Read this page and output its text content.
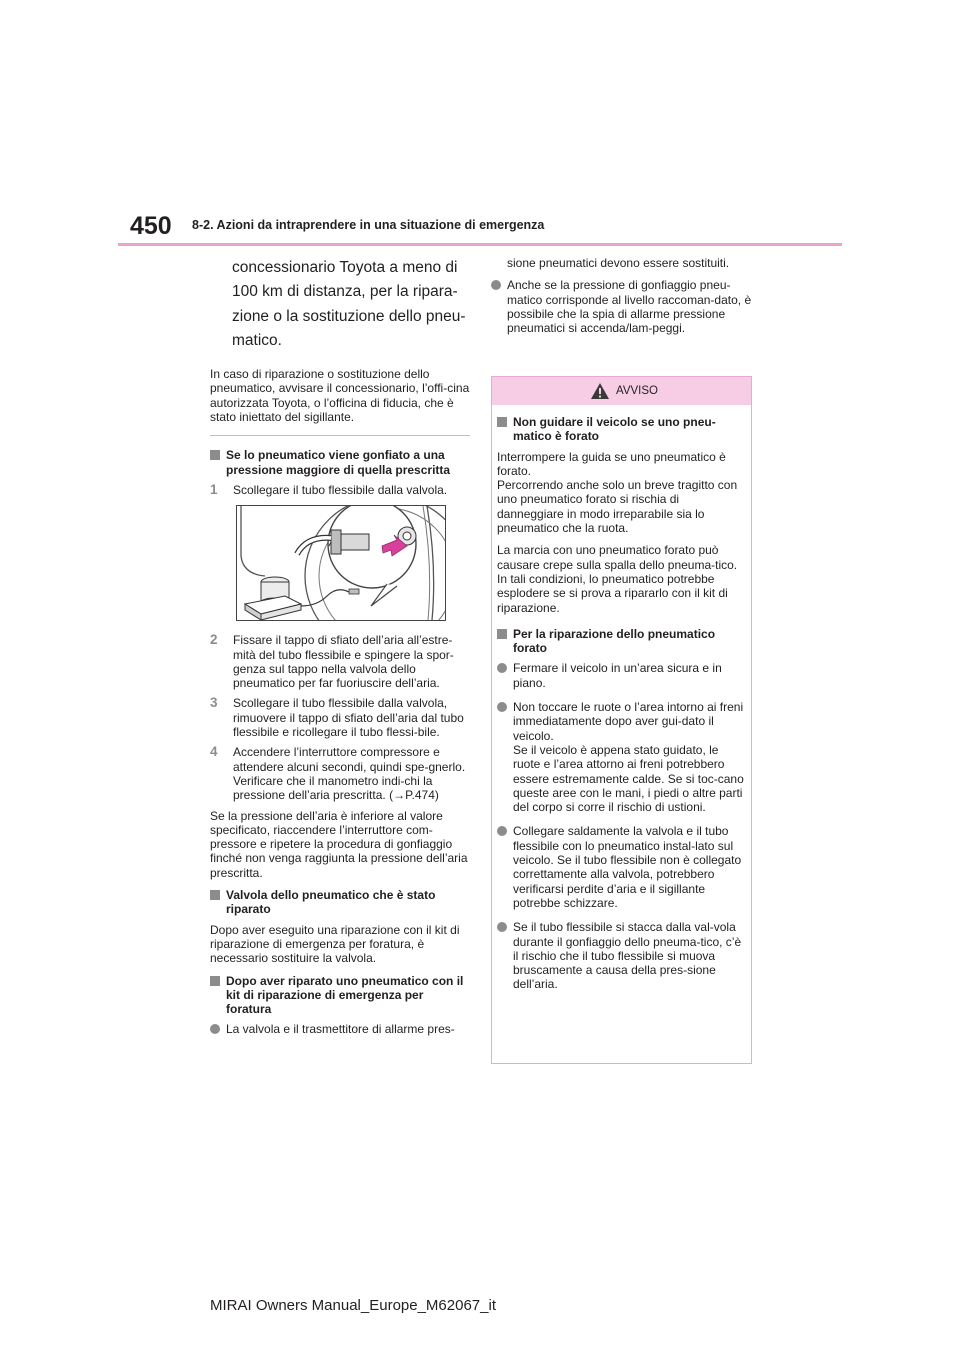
450 8-2. Azioni da intraprendere in una situazione di emergenza
concessionario Toyota a meno di
100 km di distanza, per la ripara-
zione o la sostituzione dello pneu-
matico.

In caso di riparazione o sostituzione dello pneumatico, avvisare il concessionario, l’offi-cina autorizzata Toyota, o l’officina di fiducia, che è stato iniettato del sigillante.

Se lo pneumatico viene gonfiato a una pressione maggiore di quella prescritta
1 Scollegare il tubo flessibile dalla valvola.
2 Fissare il tappo di sfiato dell’aria all’estre-mità del tubo flessibile e spingere la spor-genza sul tappo nella valvola dello pneumatico per far fuoriuscire dell’aria.
3 Scollegare il tubo flessibile dalla valvola, rimuovere il tappo di sfiato dell’aria dal tubo flessibile e ricollegare il tubo flessi-bile.
4 Accendere l’interruttore compressore e attendere alcuni secondi, quindi spe-gnerlo. Verificare che il manometro indi-chi la pressione dell’aria prescritta. (→P.474)

Se la pressione dell’aria è inferiore al valore specificato, riaccendere l’interruttore com-pressore e ripetere la procedura di gonfiaggio finché non venga raggiunta la pressione dell’aria prescritta.

Valvola dello pneumatico che è stato riparato

Dopo aver eseguito una riparazione con il kit di riparazione di emergenza per foratura, è necessario sostituire la valvola.

Dopo aver riparato uno pneumatico con il kit di riparazione di emergenza per foratura
La valvola e il trasmettitore di allarme pres-

sione pneumatici devono essere sostituiti.

Anche se la pressione di gonfiaggio pneu-matico corrisponde al livello raccoman-dato, è possibile che la spia di allarme pressione pneumatici si accenda/lam-peggi.
AVVISO
Non guidare il veicolo se uno pneu-matico è forato

Interrompere la guida se uno pneumatico è forato.

Percorrendo anche solo un breve tragitto con uno pneumatico forato si rischia di danneggiare in modo irreparabile sia lo pneumatico che la ruota.

La marcia con uno pneumatico forato può causare crepe sulla spalla dello pneuma-tico. In tali condizioni, lo pneumatico potrebbe esplodere se si prova a ripararlo con il kit di riparazione.

Per la riparazione dello pneumatico forato
Fermare il veicolo in un’area sicura e in piano.
Non toccare le ruote o l’area intorno ai freni immediatamente dopo aver gui-dato il veicolo.
Se il veicolo è appena stato guidato, le ruote e l’area attorno ai freni potrebbero essere estremamente calde. Se si toc-cano queste aree con le mani, i piedi o altre parti del corpo si corre il rischio di ustioni.
Collegare saldamente la valvola e il tubo flessibile con lo pneumatico instal-lato sul veicolo. Se il tubo flessibile non è collegato correttamente alla valvola, potrebbero verificarsi perdite d’aria e il sigillante potrebbe schizzare.
Se il tubo flessibile si stacca dalla val-vola durante il gonfiaggio dello pneuma-tico, c’è il rischio che il tubo flessibile si muova bruscamente a causa della pres-sione dell’aria.
MIRAI Owners Manual_Europe_M62067_it
